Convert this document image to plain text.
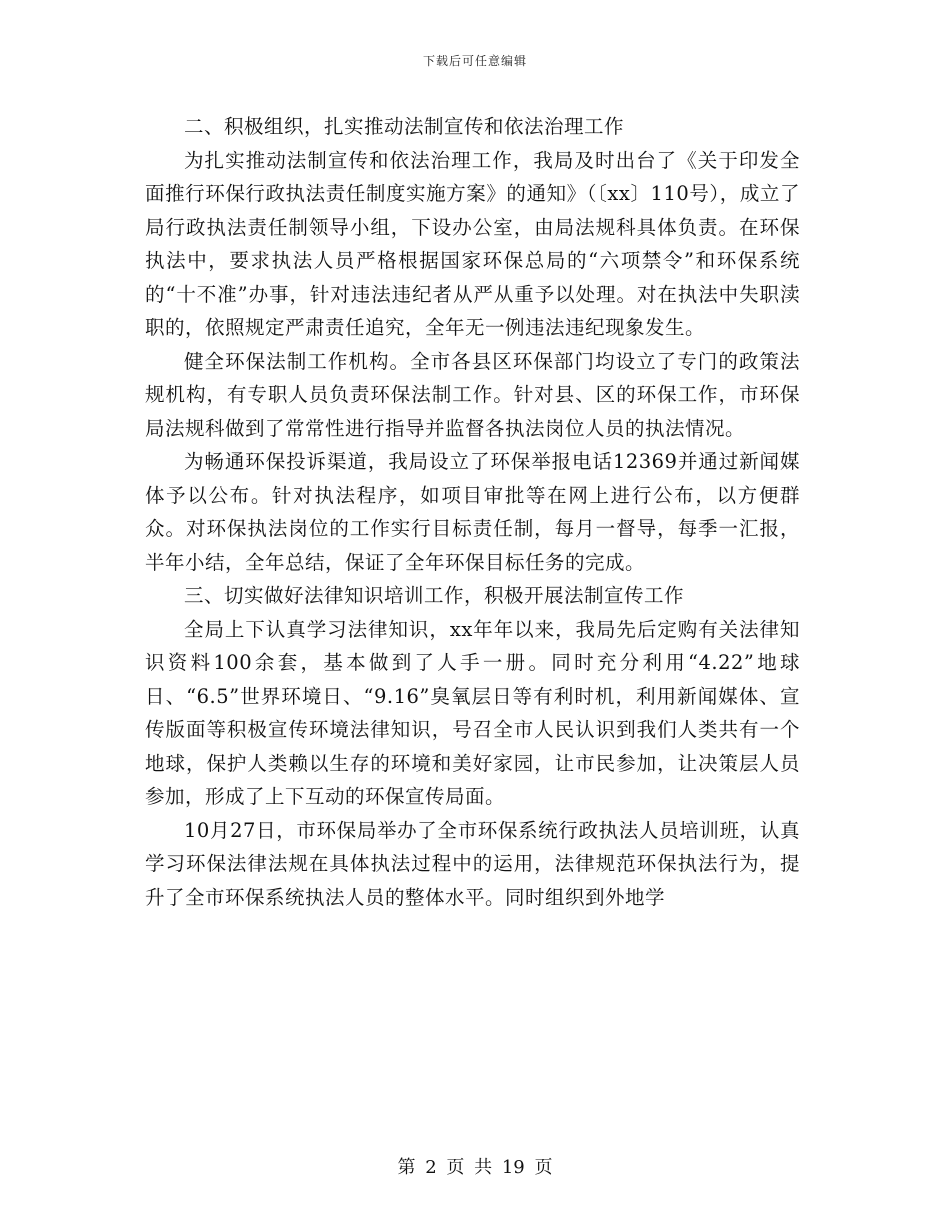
下载后可任意编辑

二、积极组织，扎实推动法制宣传和依法治理工作

为扎实推动法制宣传和依法治理工作，我局及时出台了《关于印发全面推行环保行政执法责任制度实施方案》的通知》（〔xx〕110号），成立了局行政执法责任制领导小组，下设办公室，由局法规科具体负责。在环保执法中，要求执法人员严格根据国家环保总局的“六项禁令”和环保系统的“十不准”办事，针对违法违纪者从严从重予以处理。对在执法中失职渎职的，依照规定严肃责任追究，全年无一例违法违纪现象发生。

健全环保法制工作机构。全市各县区环保部门均设立了专门的政策法规机构，有专职人员负责环保法制工作。针对县、区的环保工作，市环保局法规科做到了常常性进行指导并监督各执法岗位人员的执法情况。

为畅通环保投诉渠道，我局设立了环保举报电话12369并通过新闻媒体予以公布。针对执法程序，如项目审批等在网上进行公布，以方便群众。对环保执法岗位的工作实行目标责任制，每月一督导，每季一汇报，半年小结，全年总结，保证了全年环保目标任务的完成。

三、切实做好法律知识培训工作，积极开展法制宣传工作

全局上下认真学习法律知识，xx年年以来，我局先后定购有关法律知识资料100余套，基本做到了人手一册。同时充分利用“4.22”地球日、“6.5”世界环境日、“9.16”臭氧层日等有利时机，利用新闻媒体、宣传版面等积极宣传环境法律知识，号召全市人民认识到我们人类共有一个地球，保护人类赖以生存的环境和美好家园，让市民参加，让决策层人员参加，形成了上下互动的环保宣传局面。

10月27日，市环保局举办了全市环保系统行政执法人员培训班，认真学习环保法律法规在具体执法过程中的运用，法律规范环保执法行为，提升了全市环保系统执法人员的整体水平。同时组织到外地学

第 2 页 共 19 页
